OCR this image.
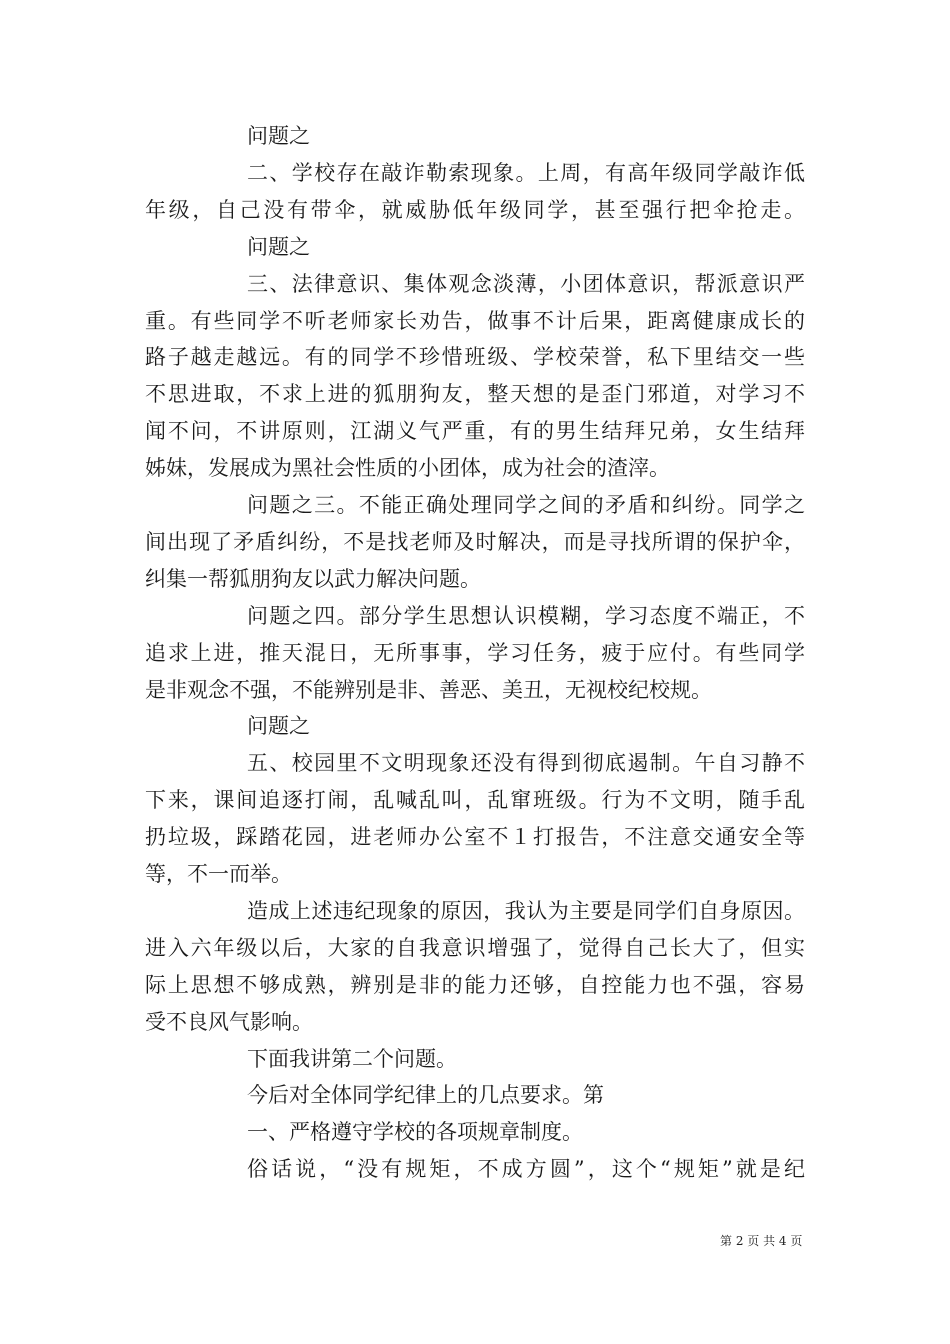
问题之
二、学校存在敲诈勒索现象。上周，有高年级同学敲诈低
年级，自己没有带伞，就威胁低年级同学，甚至强行把伞抢走。
问题之
三、法律意识、集体观念淡薄，小团体意识，帮派意识严
重。有些同学不听老师家长劝告，做事不计后果，距离健康成长的
路子越走越远。有的同学不珍惜班级、学校荣誉，私下里结交一些
不思进取，不求上进的狐朋狗友，整天想的是歪门邪道，对学习不
闻不问，不讲原则，江湖义气严重，有的男生结拜兄弟，女生结拜
姊妹，发展成为黑社会性质的小团体，成为社会的渣滓。
问题之三。不能正确处理同学之间的矛盾和纠纷。同学之
间出现了矛盾纠纷，不是找老师及时解决，而是寻找所谓的保护伞，
纠集一帮狐朋狗友以武力解决问题。
问题之四。部分学生思想认识模糊，学习态度不端正，不
追求上进，推天混日，无所事事，学习任务，疲于应付。有些同学
是非观念不强，不能辨别是非、善恶、美丑，无视校纪校规。
问题之
五、校园里不文明现象还没有得到彻底遏制。午自习静不
下来，课间追逐打闹，乱喊乱叫，乱窜班级。行为不文明，随手乱
扔垃圾，踩踏花园，进老师办公室不１打报告，不注意交通安全等
等，不一而举。
造成上述违纪现象的原因，我认为主要是同学们自身原因。
进入六年级以后，大家的自我意识增强了，觉得自己长大了，但实
际上思想不够成熟，辨别是非的能力还够，自控能力也不强，容易
受不良风气影响。
下面我讲第二个问题。
今后对全体同学纪律上的几点要求。第
一、严格遵守学校的各项规章制度。
俗话说，“没有规矩，不成方圆”，这个“规矩”就是纪
第 2 页 共 4 页
